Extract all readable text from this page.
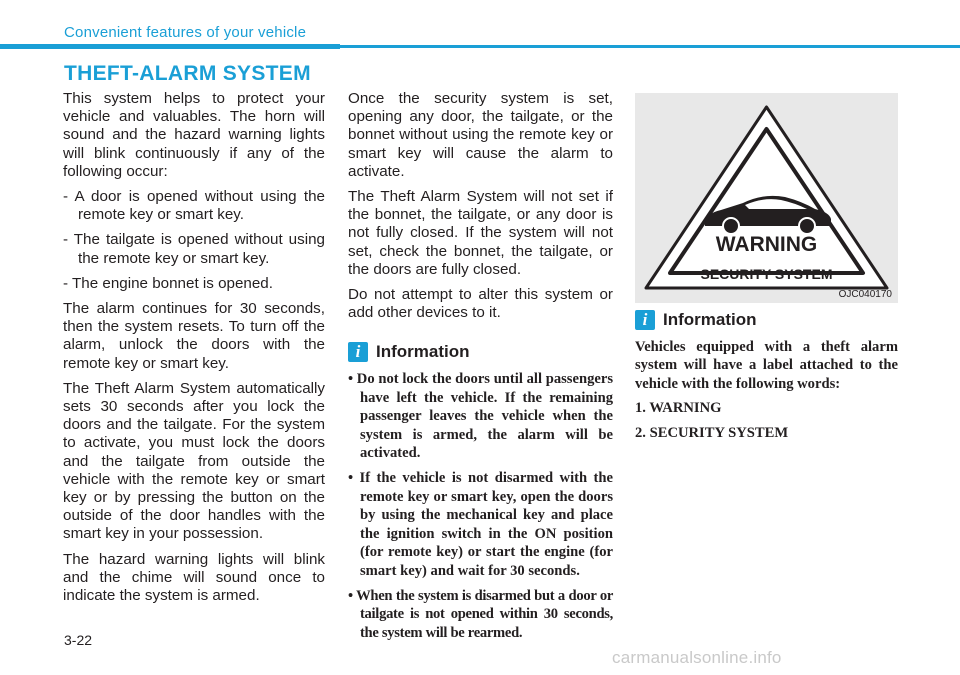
Convenient features of your vehicle
THEFT-ALARM SYSTEM

This system helps to protect your vehicle and valuables. The horn will sound and the hazard warning lights will blink continuously if any of the following occur:

- A door is opened without using the remote key or smart key.
- The tailgate is opened without using the remote key or smart key.
- The engine bonnet is opened.

The alarm continues for 30 seconds, then the system resets. To turn off the alarm, unlock the doors with the remote key or smart key.

The Theft Alarm System automatically sets 30 seconds after you lock the doors and the tailgate. For the system to activate, you must lock the doors and the tailgate from outside the vehicle with the remote key or smart key or by pressing the button on the outside of the door handles with the smart key in your possession.

The hazard warning lights will blink and the chime will sound once to indicate the system is armed.

Once the security system is set, opening any door, the tailgate, or the bonnet without using the remote key or smart key will cause the alarm to activate.

The Theft Alarm System will not set if the bonnet, the tailgate, or any door is not fully closed. If the system will not set, check the bonnet, the tailgate, or the doors are fully closed.

Do not attempt to alter this system or add other devices to it.

i Information
• Do not lock the doors until all passengers have left the vehicle. If the remaining passenger leaves the vehicle when the system is armed, the alarm will be activated.
• If the vehicle is not disarmed with the remote key or smart key, open the doors by using the mechanical key and place the ignition switch in the ON position (for remote key) or start the engine (for smart key) and wait for 30 seconds.
• When the system is disarmed but a door or tailgate is not opened within 30 seconds, the system will be rearmed.
WARNING
SECURITY SYSTEM
OJC040170
i Information

Vehicles equipped with a theft alarm system will have a label attached to the vehicle with the following words:

1. WARNING

2. SECURITY SYSTEM

3-22
carmanualsonline.info
